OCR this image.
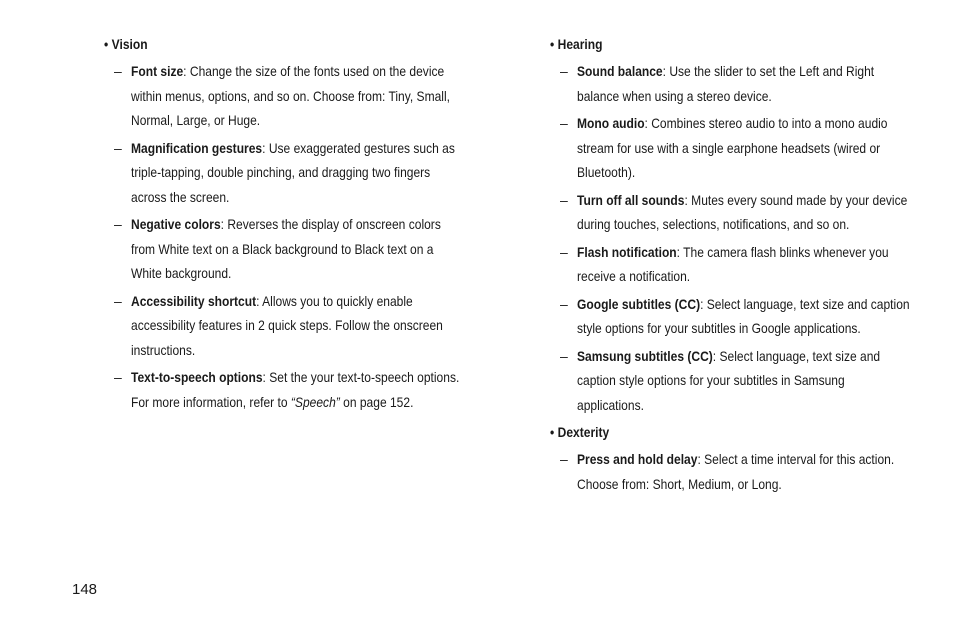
• Vision
– Font size: Change the size of the fonts used on the device within menus, options, and so on. Choose from: Tiny, Small, Normal, Large, or Huge.
– Magnification gestures: Use exaggerated gestures such as triple-tapping, double pinching, and dragging two fingers across the screen.
– Negative colors: Reverses the display of onscreen colors from White text on a Black background to Black text on a White background.
– Accessibility shortcut: Allows you to quickly enable accessibility features in 2 quick steps. Follow the onscreen instructions.
– Text-to-speech options: Set the your text-to-speech options. For more information, refer to “Speech” on page 152.
• Hearing
– Sound balance: Use the slider to set the Left and Right balance when using a stereo device.
– Mono audio: Combines stereo audio to into a mono audio stream for use with a single earphone headsets (wired or Bluetooth).
– Turn off all sounds: Mutes every sound made by your device during touches, selections, notifications, and so on.
– Flash notification: The camera flash blinks whenever you receive a notification.
– Google subtitles (CC): Select language, text size and caption style options for your subtitles in Google applications.
– Samsung subtitles (CC): Select language, text size and caption style options for your subtitles in Samsung applications.
• Dexterity
– Press and hold delay: Select a time interval for this action. Choose from: Short, Medium, or Long.
148
